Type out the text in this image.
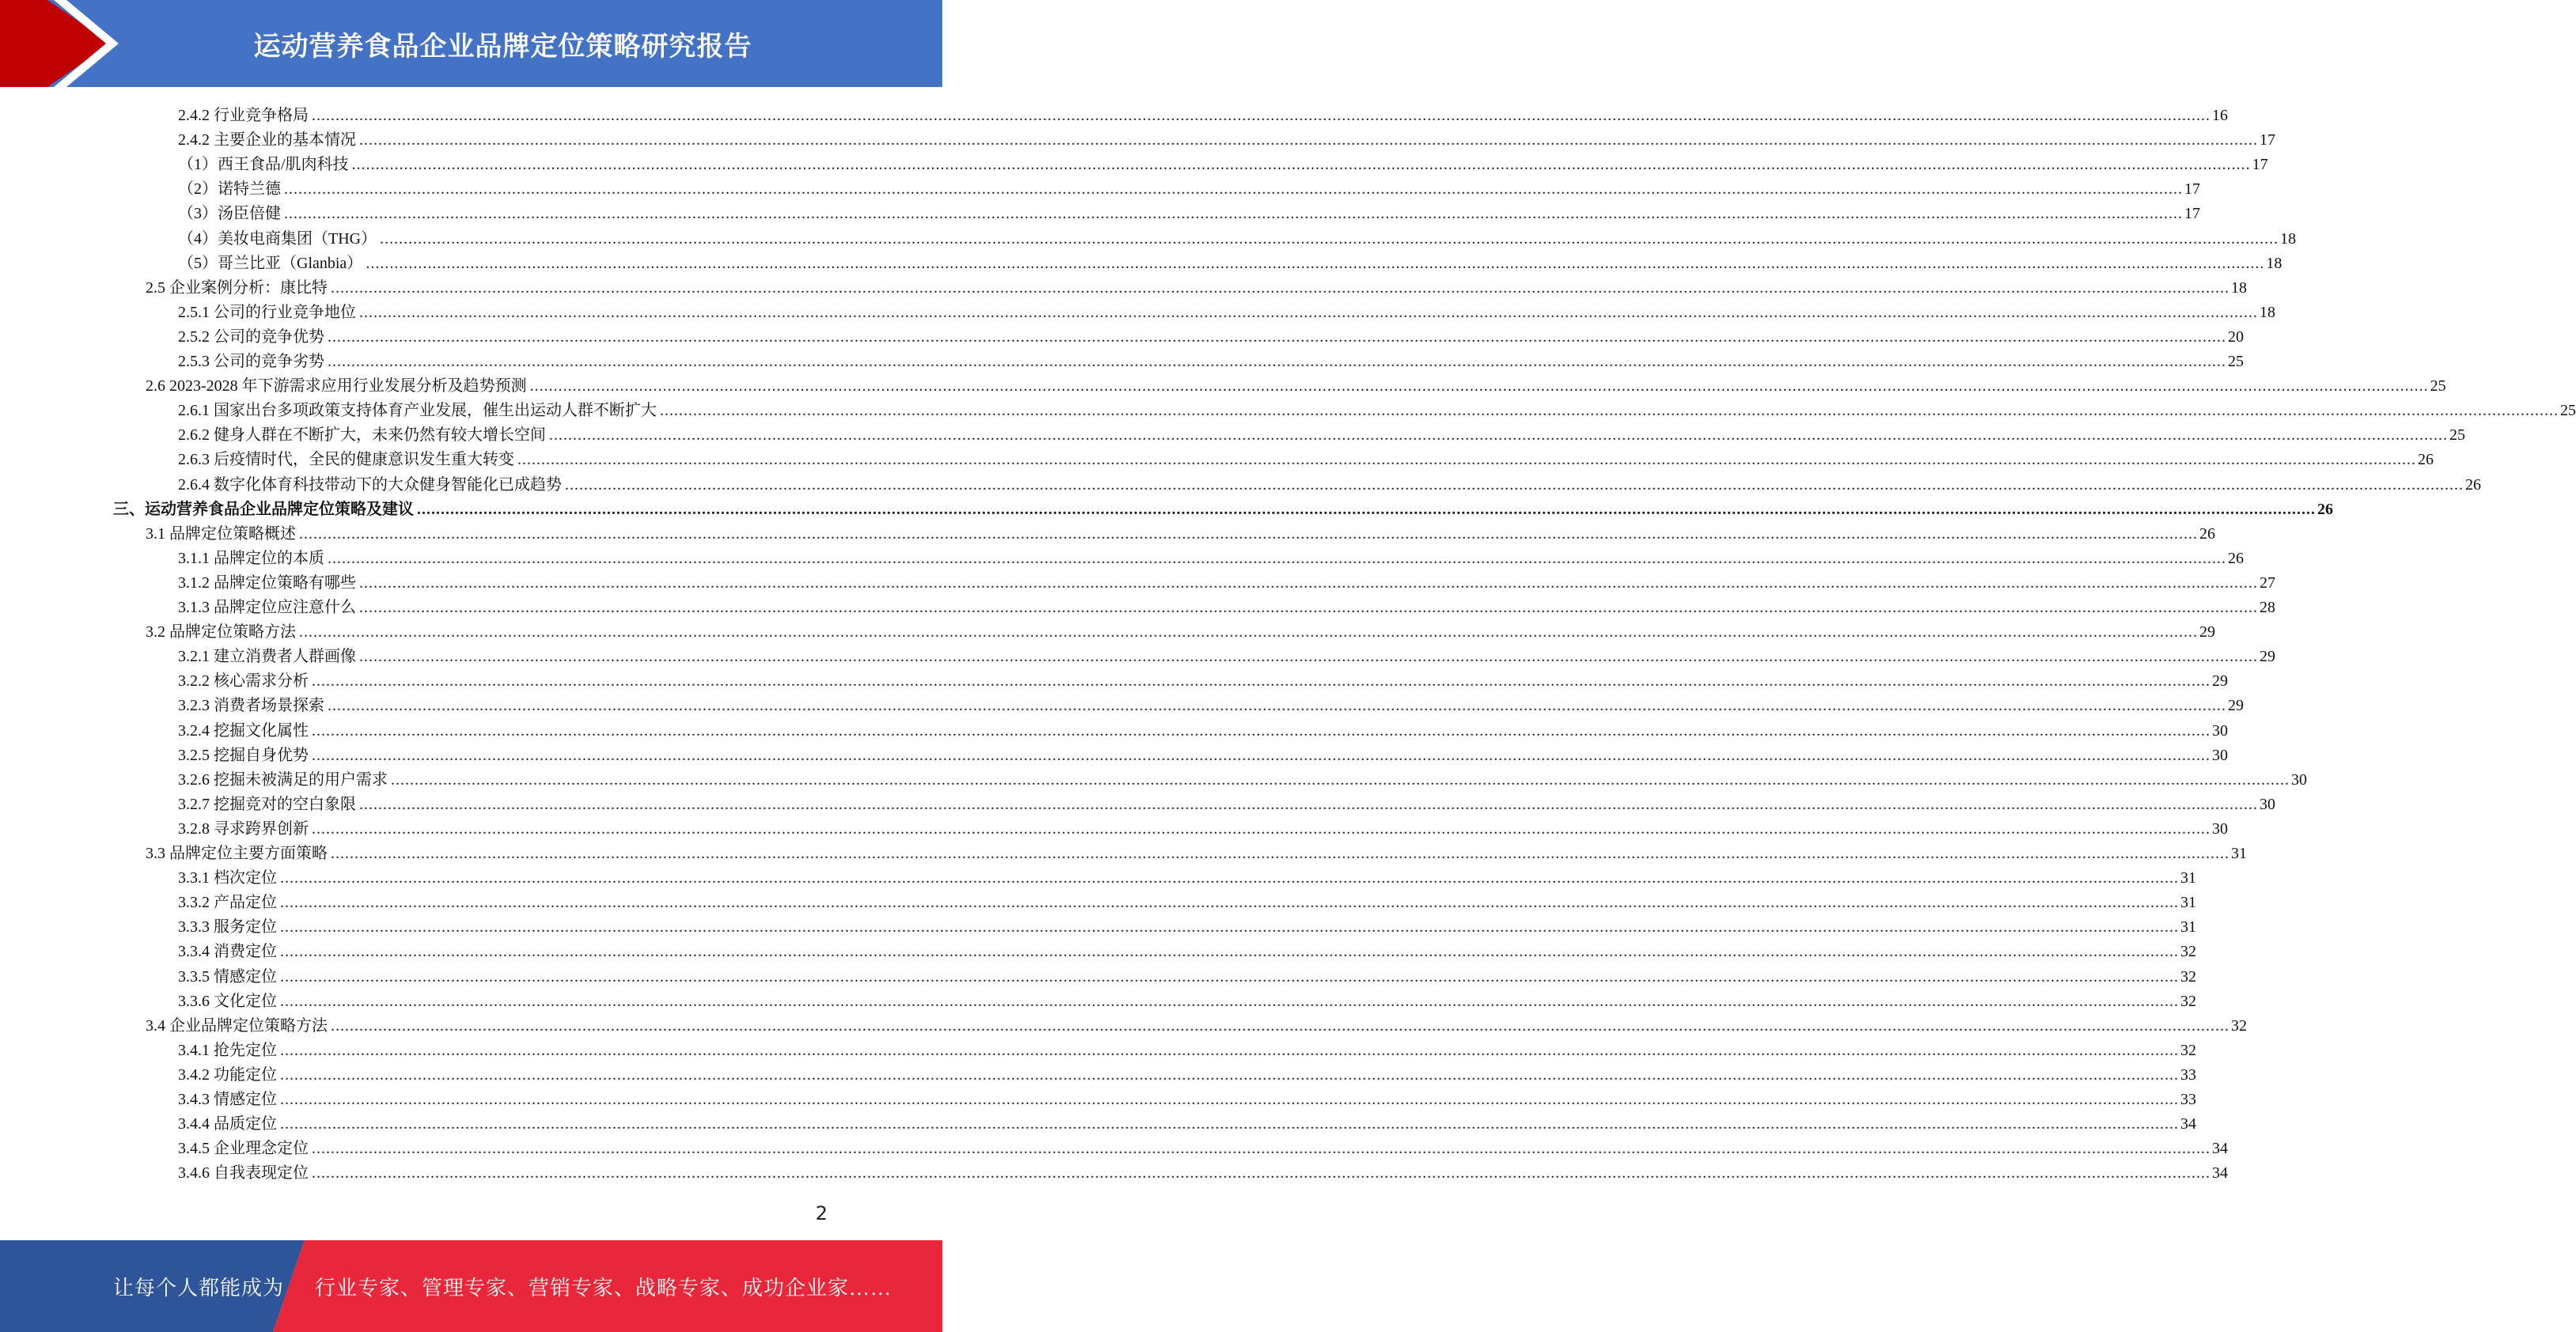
运动营养食品企业品牌定位策略研究报告
2.4.2 行业竞争格局 ................................................................................................................................................................................................................................................................................................................................................................................................................ 16
2.4.2 主要企业的基本情况 ................................................................................................................................................................................................................................................................................................................................................................................................................ 17
（1）西王食品/肌肉科技 ................................................................................................................................................................................................................................................................................................................................................................................................................ 17
（2）诺特兰德 ................................................................................................................................................................................................................................................................................................................................................................................................................ 17
（3）汤臣倍健 ................................................................................................................................................................................................................................................................................................................................................................................................................ 17
（4）美妆电商集团（THG） ................................................................................................................................................................................................................................................................................................................................................................................................................ 18
（5）哥兰比亚（Glanbia） ................................................................................................................................................................................................................................................................................................................................................................................................................ 18
2.5 企业案例分析：康比特 ................................................................................................................................................................................................................................................................................................................................................................................................................ 18
2.5.1 公司的行业竞争地位 ................................................................................................................................................................................................................................................................................................................................................................................................................ 18
2.5.2 公司的竞争优势 ................................................................................................................................................................................................................................................................................................................................................................................................................ 20
2.5.3 公司的竞争劣势 ................................................................................................................................................................................................................................................................................................................................................................................................................ 25
2.6 2023-2028 年下游需求应用行业发展分析及趋势预测 ................................................................................................................................................................................................................................................................................................................................................................................................................ 25
2.6.1 国家出台多项政策支持体育产业发展，催生出运动人群不断扩大 ................................................................................................................................................................................................................................................................................................................................................................................................................ 25
2.6.2 健身人群在不断扩大，未来仍然有较大增长空间 ................................................................................................................................................................................................................................................................................................................................................................................................................ 25
2.6.3 后疫情时代，全民的健康意识发生重大转变 ................................................................................................................................................................................................................................................................................................................................................................................................................ 26
2.6.4 数字化体育科技带动下的大众健身智能化已成趋势 ................................................................................................................................................................................................................................................................................................................................................................................................................ 26
三、运动营养食品企业品牌定位策略及建议 ................................................................................................................................................................................................................................................................................................................................................................................................................ 26
3.1 品牌定位策略概述 ................................................................................................................................................................................................................................................................................................................................................................................................................ 26
3.1.1 品牌定位的本质 ................................................................................................................................................................................................................................................................................................................................................................................................................ 26
3.1.2 品牌定位策略有哪些 ................................................................................................................................................................................................................................................................................................................................................................................................................ 27
3.1.3 品牌定位应注意什么 ................................................................................................................................................................................................................................................................................................................................................................................................................ 28
3.2 品牌定位策略方法 ................................................................................................................................................................................................................................................................................................................................................................................................................ 29
3.2.1 建立消费者人群画像 ................................................................................................................................................................................................................................................................................................................................................................................................................ 29
3.2.2 核心需求分析 ................................................................................................................................................................................................................................................................................................................................................................................................................ 29
3.2.3 消费者场景探索 ................................................................................................................................................................................................................................................................................................................................................................................................................ 29
3.2.4 挖掘文化属性 ................................................................................................................................................................................................................................................................................................................................................................................................................ 30
3.2.5 挖掘自身优势 ................................................................................................................................................................................................................................................................................................................................................................................................................ 30
3.2.6 挖掘未被满足的用户需求 ................................................................................................................................................................................................................................................................................................................................................................................................................ 30
3.2.7 挖掘竞对的空白象限 ................................................................................................................................................................................................................................................................................................................................................................................................................ 30
3.2.8 寻求跨界创新 ................................................................................................................................................................................................................................................................................................................................................................................................................ 30
3.3 品牌定位主要方面策略 ................................................................................................................................................................................................................................................................................................................................................................................................................ 31
3.3.1 档次定位 ................................................................................................................................................................................................................................................................................................................................................................................................................ 31
3.3.2 产品定位 ................................................................................................................................................................................................................................................................................................................................................................................................................ 31
3.3.3 服务定位 ................................................................................................................................................................................................................................................................................................................................................................................................................ 31
3.3.4 消费定位 ................................................................................................................................................................................................................................................................................................................................................................................................................ 32
3.3.5 情感定位 ................................................................................................................................................................................................................................................................................................................................................................................................................ 32
3.3.6 文化定位 ................................................................................................................................................................................................................................................................................................................................................................................................................ 32
3.4 企业品牌定位策略方法 ................................................................................................................................................................................................................................................................................................................................................................................................................ 32
3.4.1 抢先定位 ................................................................................................................................................................................................................................................................................................................................................................................................................ 32
3.4.2 功能定位 ................................................................................................................................................................................................................................................................................................................................................................................................................ 33
3.4.3 情感定位 ................................................................................................................................................................................................................................................................................................................................................................................................................ 33
3.4.4 品质定位 ................................................................................................................................................................................................................................................................................................................................................................................................................ 34
3.4.5 企业理念定位 ................................................................................................................................................................................................................................................................................................................................................................................................................ 34
3.4.6 自我表现定位 ................................................................................................................................................................................................................................................................................................................................................................................................................ 34
2
让每个人都能成为 行业专家、管理专家、营销专家、战略专家、成功企业家……
